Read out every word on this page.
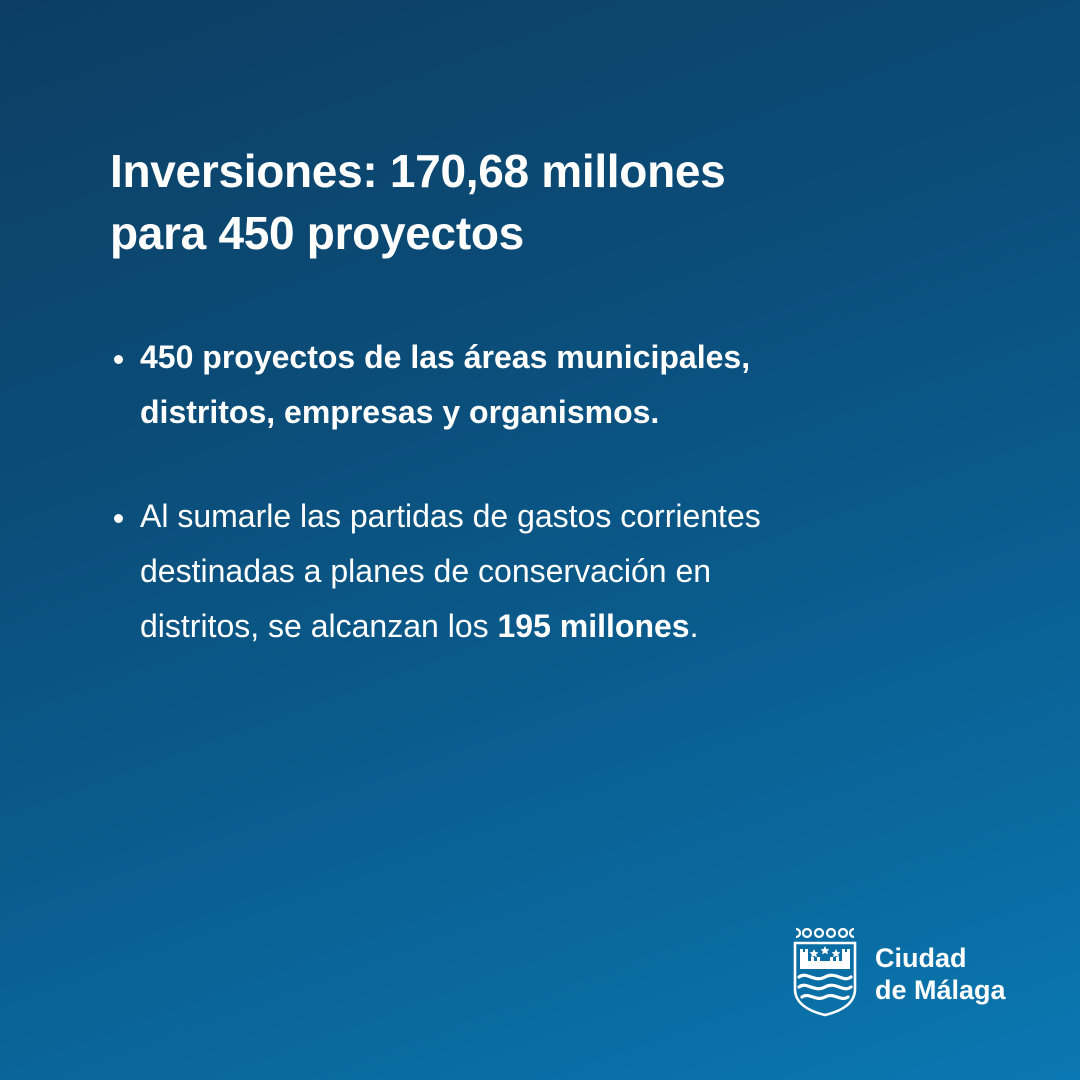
Inversiones: 170,68 millones
para 450 proyectos
450 proyectos de las áreas municipales,
distritos, empresas y organismos.
Al sumarle las partidas de gastos corrientes
destinadas a planes de conservación en
distritos, se alcanzan los 195 millones.
Ciudad
de Málaga
